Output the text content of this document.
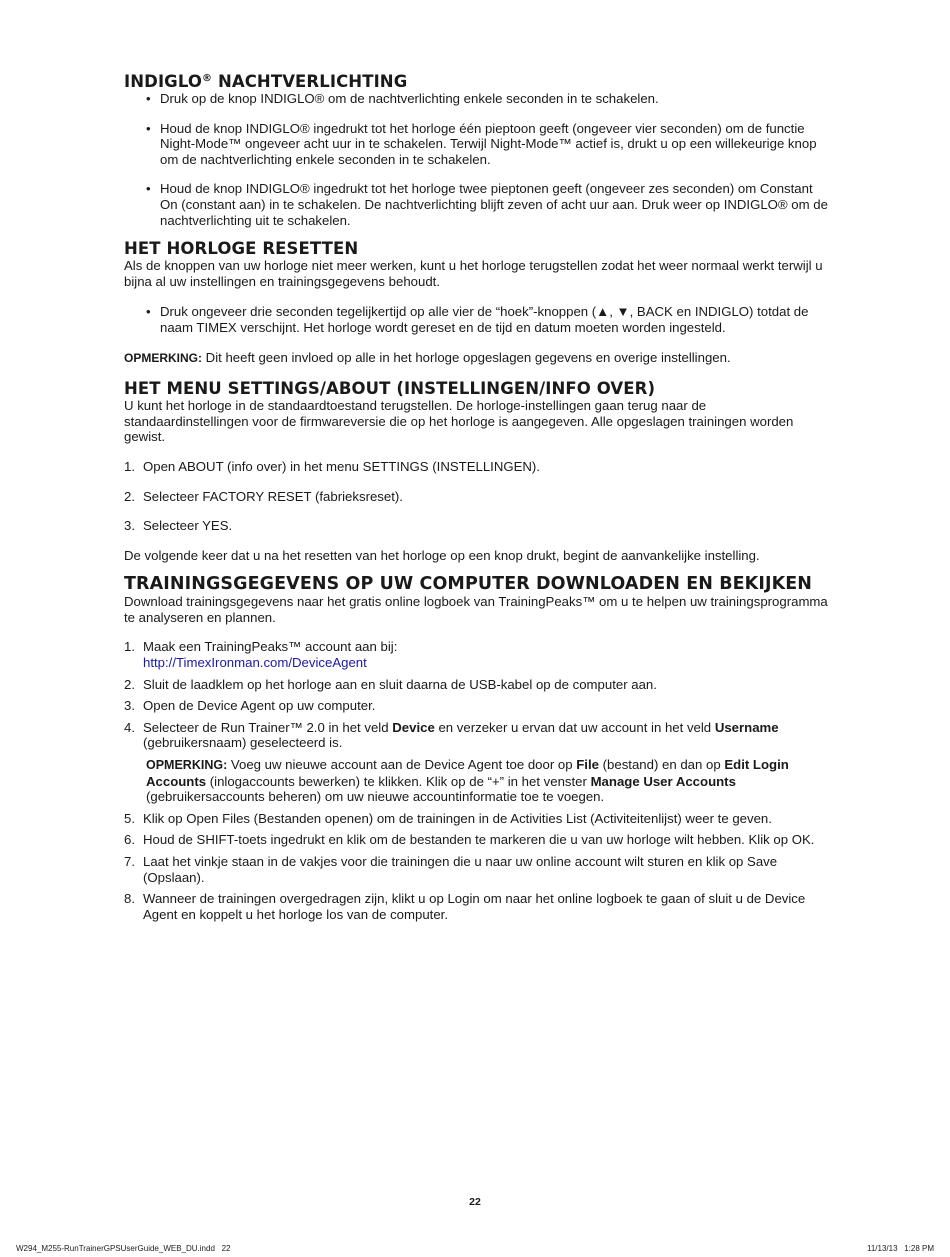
INDIGLO® NACHTVERLICHTING
• Druk op de knop INDIGLO® om de nachtverlichting enkele seconden in te schakelen.
• Houd de knop INDIGLO® ingedrukt tot het horloge één pieptoon geeft (ongeveer vier seconden) om de functie Night-Mode™ ongeveer acht uur in te schakelen. Terwijl Night-Mode™ actief is, drukt u op een willekeurige knop om de nachtverlichting enkele seconden in te schakelen.
• Houd de knop INDIGLO® ingedrukt tot het horloge twee pieptonen geeft (ongeveer zes seconden) om Constant On (constant aan) in te schakelen. De nachtverlichting blijft zeven of acht uur aan. Druk weer op INDIGLO® om de nachtverlichting uit te schakelen.
HET HORLOGE RESETTEN

Als de knoppen van uw horloge niet meer werken, kunt u het horloge terugstellen zodat het weer normaal werkt terwijl u bijna al uw instellingen en trainingsgegevens behoudt.

• Druk ongeveer drie seconden tegelijkertijd op alle vier de “hoek”-knoppen (▲, ▼, BACK en INDIGLO) totdat de naam TIMEX verschijnt. Het horloge wordt gereset en de tijd en datum moeten worden ingesteld.

OPMERKING: Dit heeft geen invloed op alle in het horloge opgeslagen gegevens en overige instellingen.

HET MENU SETTINGS/ABOUT (INSTELLINGEN/INFO OVER)

U kunt het horloge in de standaardtoestand terugstellen. De horloge-instellingen gaan terug naar de standaardinstellingen voor de firmwareversie die op het horloge is aangegeven. Alle opgeslagen trainingen worden gewist.

1. Open ABOUT (info over) in het menu SETTINGS (INSTELLINGEN).
2. Selecteer FACTORY RESET (fabrieksreset).
3. Selecteer YES.

De volgende keer dat u na het resetten van het horloge op een knop drukt, begint de aanvankelijke instelling.

TRAININGSGEGEVENS OP UW COMPUTER DOWNLOADEN EN BEKIJKEN

Download trainingsgegevens naar het gratis online logboek van TrainingPeaks™ om u te helpen uw trainingsprogramma te analyseren en plannen.

1. Maak een TrainingPeaks™ account aan bij:
http://TimexIronman.com/DeviceAgent
2. Sluit de laadklem op het horloge aan en sluit daarna de USB-kabel op de computer aan.
3. Open de Device Agent op uw computer.
4. Selecteer de Run Trainer™ 2.0 in het veld Device en verzeker u ervan dat uw account in het veld Username (gebruikersnaam) geselecteerd is.

OPMERKING: Voeg uw nieuwe account aan de Device Agent toe door op File (bestand) en dan op Edit Login Accounts (inlogaccounts bewerken) te klikken. Klik op de “+” in het venster Manage User Accounts (gebruikersaccounts beheren) om uw nieuwe accountinformatie toe te voegen.

5. Klik op Open Files (Bestanden openen) om de trainingen in de Activities List (Activiteitenlijst) weer te geven.
6. Houd de SHIFT-toets ingedrukt en klik om de bestanden te markeren die u van uw horloge wilt hebben. Klik op OK.
7. Laat het vinkje staan in de vakjes voor die trainingen die u naar uw online account wilt sturen en klik op Save (Opslaan).
8. Wanneer de trainingen overgedragen zijn, klikt u op Login om naar het online logboek te gaan of sluit u de Device Agent en koppelt u het horloge los van de computer.
22
W294_M255-RunTrainerGPSUserGuide_WEB_DU.indd   22	11/13/13   1:28 PM
